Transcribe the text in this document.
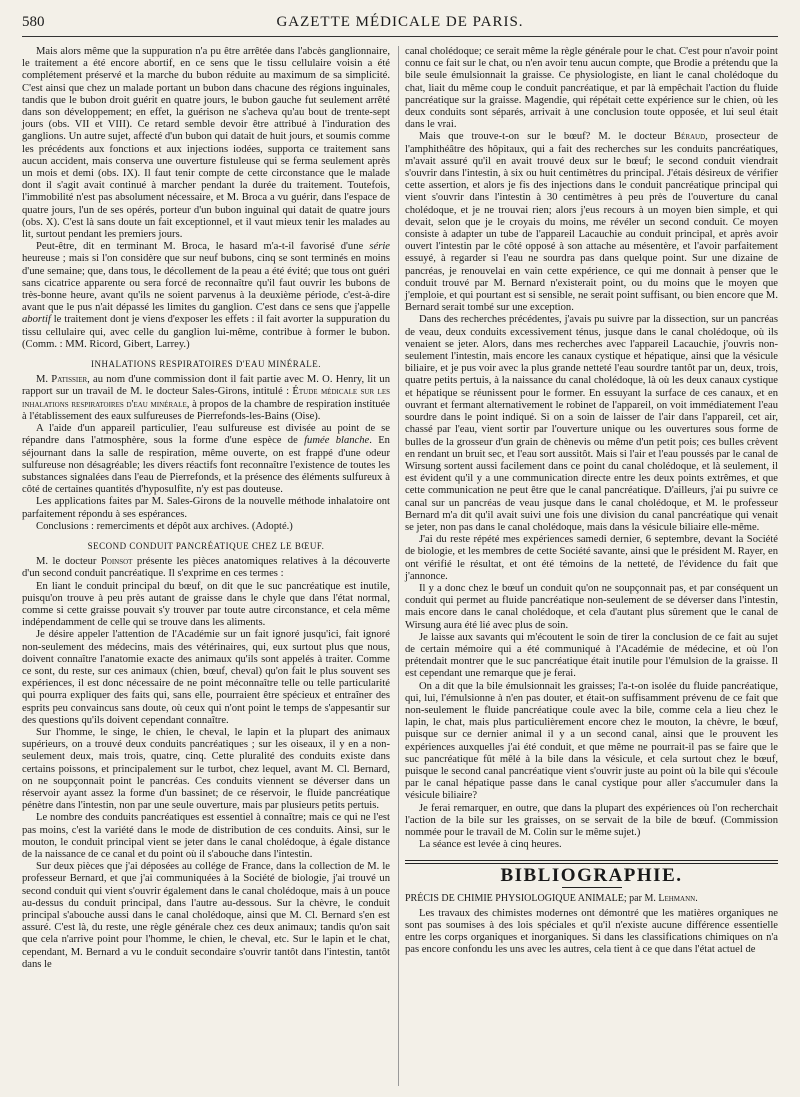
580	GAZETTE MÉDICALE DE PARIS.

Mais alors même que la suppuration n'a pu être arrêtée dans l'abcès ganglionnaire, le traitement a été encore abortif, en ce sens que le tissu cellulaire voisin a été complétement préservé et la marche du bubon réduite au maximum de sa simplicité. C'est ainsi que chez un malade portant un bubon dans chacune des régions inguinales, tandis que le bubon droit guérit en quatre jours, le bubon gauche fut seulement arrêté dans son développement; en effet, la guérison ne s'acheva qu'au bout de trente-sept jours (obs. VII et VIII). Ce retard semble devoir être attribué à l'induration des ganglions. Un autre sujet, affecté d'un bubon qui datait de huit jours, et soumis comme les précédents aux fonctions et aux injections iodées, supporta ce traitement sans aucun accident, mais conserva une ouverture fistuleuse qui se ferma seulement après un mois et demi (obs. IX). Il faut tenir compte de cette circonstance que le malade dont il s'agit avait continué à marcher pendant la durée du traitement. Toutefois, l'immobilité n'est pas absolument nécessaire, et M. Broca a vu guérir, dans l'espace de quatre jours, l'un de ses opérés, porteur d'un bubon inguinal qui datait de quatre jours (obs. X). C'est là sans doute un fait exceptionnel, et il vaut mieux tenir les malades au lit, surtout pendant les premiers jours.

Peut-être, dit en terminant M. Broca, le hasard m'a-t-il favorisé d'une série heureuse ; mais si l'on considère que sur neuf bubons, cinq se sont terminés en moins d'une semaine; que, dans tous, le décollement de la peau a été évité; que tous ont guéri sans cicatrice apparente ou sera forcé de reconnaître qu'il faut ouvrir les bubons de très-bonne heure, avant qu'ils ne soient parvenus à la deuxième période, c'est-à-dire avant que le pus n'ait dépassé les limites du ganglion. C'est dans ce sens que j'appelle abortif le traitement dont je viens d'exposer les effets : il fait avorter la suppuration du tissu cellulaire qui, avec celle du ganglion lui-même, contribue à former le bubon. (Comm. : MM. Ricord, Gibert, Larrey.)

INHALATIONS RESPIRATOIRES D'EAU MINÉRALE.

M. Patissier, au nom d'une commission dont il fait partie avec M. O. Henry, lit un rapport sur un travail de M. le docteur Sales-Girons, intitulé : Étude médicale sur les inhalations respiratoires d'eau minérale, à propos de la chambre de respiration instituée à l'établissement des eaux sulfureuses de Pierrefonds-les-Bains (Oise).

A l'aide d'un appareil particulier, l'eau sulfureuse est divisée au point de se répandre dans l'atmosphère, sous la forme d'une espèce de fumée blanche. En séjournant dans la salle de respiration, même ouverte, on est frappé d'une odeur sulfureuse non désagréable; les divers réactifs font reconnaître l'existence de toutes les substances signalées dans l'eau de Pierrefonds, et la présence des éléments sulfureux à côté de certaines quantités d'hyposulfite, n'y est pas douteuse.

Les applications faites par M. Sales-Girons de la nouvelle méthode inhalatoire ont parfaitement répondu à ses espérances.

Conclusions : remerciments et dépôt aux archives. (Adopté.)

SECOND CONDUIT PANCRÉATIQUE CHEZ LE BŒUF.

M. le docteur Poinsot présente les pièces anatomiques relatives à la découverte d'un second conduit pancréatique. Il s'exprime en ces termes :

En liant le conduit principal du bœuf, on dit que le suc pancréatique est inutile, puisqu'on trouve à peu près autant de graisse dans le chyle que dans l'état normal, comme si cette graisse pouvait s'y trouver par toute autre circonstance, et cela même indépendamment de celle qui se trouve dans les aliments.

Je désire appeler l'attention de l'Académie sur un fait ignoré jusqu'ici, fait ignoré non-seulement des médecins, mais des vétérinaires, qui, eux surtout plus que nous, doivent connaître l'anatomie exacte des animaux qu'ils sont appelés à traiter. Comme ce sont, du reste, sur ces animaux (chien, bœuf, cheval) qu'on fait le plus souvent ses expériences, il est donc nécessaire de ne point méconnaître telle ou telle particularité qui pourra expliquer des faits qui, sans elle, pourraient être spécieux et entraîner des esprits peu convaincus sans doute, où ceux qui n'ont point le temps de s'appesantir sur des questions qu'ils doivent cependant connaître.

Sur l'homme, le singe, le chien, le cheval, le lapin et la plupart des animaux supérieurs, on a trouvé deux conduits pancréatiques ; sur les oiseaux, il y en a non-seulement deux, mais trois, quatre, cinq. Cette pluralité des conduits existe dans certains poissons, et principalement sur le turbot, chez lequel, avant M. Cl. Bernard, on ne soupçonnait point le pancréas. Ces conduits viennent se déverser dans un réservoir ayant assez la forme d'un bassinet; de ce réservoir, le fluide pancréatique pénètre dans l'intestin, non par une seule ouverture, mais par plusieurs petits pertuis.

Le nombre des conduits pancréatiques est essentiel à connaître; mais ce qui ne l'est pas moins, c'est la variété dans le mode de distribution de ces conduits. Ainsi, sur le mouton, le conduit principal vient se jeter dans le canal cholédoque, à égale distance de la naissance de ce canal et du point où il s'abouche dans l'intestin.

Sur deux pièces que j'ai déposées au collége de France, dans la collection de M. le professeur Bernard, et que j'ai communiquées à la Société de biologie, j'ai trouvé un second conduit qui vient s'ouvrir également dans le canal cholédoque, mais à un pouce au-dessus du conduit principal, dans l'autre au-dessous. Sur la chèvre, le conduit principal s'abouche aussi dans le canal cholédoque, ainsi que M. Cl. Bernard s'en est assuré. C'est là, du reste, une règle générale chez ces deux animaux; tandis qu'on sait que cela n'arrive point pour l'homme, le chien, le cheval, etc. Sur le lapin et le chat, cependant, M. Bernard a vu le conduit secondaire s'ouvrir tantôt dans l'intestin, tantôt dans le

canal cholédoque; ce serait même la règle générale pour le chat. C'est pour n'avoir point connu ce fait sur le chat, ou n'en avoir tenu aucun compte, que Brodie a prétendu que la bile seule émulsionnait la graisse. Ce physiologiste, en liant le canal cholédoque du chat, liait du même coup le conduit pancréatique, et par là empêchait l'action du fluide pancréatique sur la graisse. Magendie, qui répétait cette expérience sur le chien, où les deux conduits sont séparés, arrivait à une conclusion toute opposée, et lui seul était dans le vrai.

Mais que trouve-t-on sur le bœuf? M. le docteur Béraud, prosecteur de l'amphithéâtre des hôpitaux, qui a fait des recherches sur les conduits pancréatiques, m'avait assuré qu'il en avait trouvé deux sur le bœuf; le second conduit viendrait s'ouvrir dans l'intestin, à six ou huit centimètres du principal. J'étais désireux de vérifier cette assertion, et alors je fis des injections dans le conduit pancréatique principal qui vient s'ouvrir dans l'intestin à 30 centimètres à peu près de l'ouverture du canal cholédoque, et je ne trouvai rien; alors j'eus recours à un moyen bien simple, et qui devait, selon que je le croyais du moins, me révéler un second conduit. Ce moyen consiste à adapter un tube de l'appareil Lacauchie au conduit principal, et après avoir ouvert l'intestin par le côté opposé à son attache au mésentère, et l'avoir parfaitement essuyé, à regarder si l'eau ne sourdra pas dans quelque point. Sur une dizaine de pancréas, je renouvelai en vain cette expérience, ce qui me donnait à penser que le conduit trouvé par M. Bernard n'existerait point, ou du moins que le moyen que j'emploie, et qui pourtant est si sensible, ne serait point suffisant, ou bien encore que M. Bernard serait tombé sur une exception.

Dans des recherches précédentes, j'avais pu suivre par la dissection, sur un pancréas de veau, deux conduits excessivement ténus, jusque dans le canal cholédoque, où ils venaient se jeter. Alors, dans mes recherches avec l'appareil Lacauchie, j'ouvris non-seulement l'intestin, mais encore les canaux cystique et hépatique, ainsi que la vésicule biliaire, et je pus voir avec la plus grande netteté l'eau sourdre tantôt par un, deux, trois, quatre petits pertuis, à la naissance du canal cholédoque, là où les deux canaux cystique et hépatique se réunissent pour le former. En essuyant la surface de ces canaux, et en ouvrant et fermant alternativement le robinet de l'appareil, on voit immédiatement l'eau sourdre dans le point indiqué. Si on a soin de laisser de l'air dans l'appareil, cet air, chassé par l'eau, vient sortir par l'ouverture unique ou les ouvertures sous forme de bulles de la grosseur d'un grain de chènevis ou même d'un petit pois; ces bulles crèvent en rendant un bruit sec, et l'eau sort aussitôt. Mais si l'air et l'eau poussés par le canal de Wirsung sortent aussi facilement dans ce point du canal cholédoque, et là seulement, il est évident qu'il y a une communication directe entre les deux points extrêmes, et que cette communication ne peut être que le canal pancréatique. D'ailleurs, j'ai pu suivre ce canal sur un pancréas de veau jusque dans le canal cholédoque, et M. le professeur Bernard m'a dit qu'il avait suivi une fois une division du canal pancréatique qui venait se jeter, non pas dans le canal cholédoque, mais dans la vésicule biliaire elle-même.

J'ai du reste répété mes expériences samedi dernier, 6 septembre, devant la Société de biologie, et les membres de cette Société savante, ainsi que le président M. Rayer, en ont vérifié le résultat, et ont été témoins de la netteté, de l'évidence du fait que j'annonce.

Il y a donc chez le bœuf un conduit qu'on ne soupçonnait pas, et par conséquent un conduit qui permet au fluide pancréatique non-seulement de se déverser dans l'intestin, mais encore dans le canal cholédoque, et cela d'autant plus sûrement que le canal de Wirsung aura été lié avec plus de soin.

Je laisse aux savants qui m'écoutent le soin de tirer la conclusion de ce fait au sujet de certain mémoire qui a été communiqué à l'Académie de médecine, et où l'on prétendait montrer que le suc pancréatique était inutile pour l'émulsion de la graisse. Il est cependant une remarque que je ferai.

On a dit que la bile émulsionnait les graisses; l'a-t-on isolée du fluide pancréatique, qui, lui, l'émulsionne à n'en pas douter, et était-on suffisamment prévenu de ce fait que non-seulement le fluide pancréatique coule avec la bile, comme cela a lieu chez le lapin, le chat, mais plus particulièrement encore chez le mouton, la chèvre, le bœuf, puisque sur ce dernier animal il y a un second canal, ainsi que le prouvent les expériences auxquelles j'ai été conduit, et que même ne pourrait-il pas se faire que le suc pancréatique fût mêlé à la bile dans la vésicule, et cela surtout chez le bœuf, puisque le second canal pancréatique vient s'ouvrir juste au point où la bile qui s'écoule par le canal hépatique passe dans le canal cystique pour aller s'accumuler dans la vésicule biliaire?

Je ferai remarquer, en outre, que dans la plupart des expériences où l'on recherchait l'action de la bile sur les graisses, on se servait de la bile de bœuf. (Commission nommée pour le travail de M. Colin sur le même sujet.)

La séance est levée à cinq heures.

BIBLIOGRAPHIE.

PRÉCIS DE CHIMIE PHYSIOLOGIQUE ANIMALE; par M. Lehmann.

Les travaux des chimistes modernes ont démontré que les matières organiques ne sont pas soumises à des lois spéciales et qu'il n'existe aucune différence essentielle entre les corps organiques et inorganiques. Si dans les classifications chimiques on n'a pas encore confondu les uns avec les autres, cela tient à ce que dans l'état actuel de
